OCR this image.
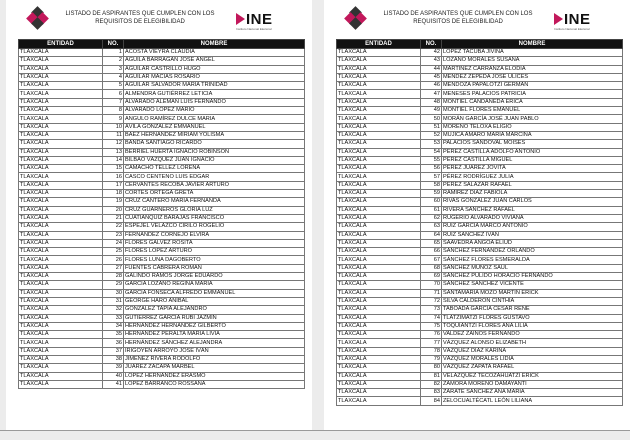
LISTADO DE ASPIRANTES QUE CUMPLEN CON LOS
REQUISITOS DE ELEGIBILIDAD	INE
Instituto Nacional Electoral
ENTIDAD	NO.	NOMBRE
TLAXCALA	1	ACOSTA VIEYRA CLAUDIA
TLAXCALA	2	AGUILA BARRAGÁN JOSÉ ÁNGEL
TLAXCALA	3	AGUILAR CASTRILLO HUGO
TLAXCALA	4	AGUILAR MACIAS ROSARIO
TLAXCALA	5	AGUILAR SALVADOR MARIA TRINIDAD
TLAXCALA	6	ALMENDRA GUTIÉRREZ LETICIA
TLAXCALA	7	ALVARADO ALEMÁN LUIS FERNANDO
TLAXCALA	8	ALVARADO LÓPEZ MARIO
TLAXCALA	9	ANGULO RAMÍREZ DULCE MARIA
TLAXCALA	10	ÁVILA GONZÁLEZ EMMANUEL
TLAXCALA	11	BAEZ HERNÁNDEZ MIRIAM YOLISMA
TLAXCALA	12	BANDA SANTIAGO RICARDO
TLAXCALA	13	BERRIEL HUERTA IGNACIO ROBINSON
TLAXCALA	14	BILBAO VÁZQUEZ JUAN IGNACIO
TLAXCALA	15	CAMACHO TÉLLEZ LORENA
TLAXCALA	16	CASCO CENTENO LUIS EDGAR
TLAXCALA	17	CERVANTES RECOBA JAVIER ARTURO
TLAXCALA	18	CORTÉS ORTEGA GRETA
TLAXCALA	19	CRUZ CANTERO MARIA FERNANDA
TLAXCALA	20	CRUZ GUARNEROS GLORIA LUZ
TLAXCALA	21	CUATIANQUIZ BARAJAS FRANCISCO
TLAXCALA	22	ESPEJEL VELAZCO CIRILO ROGELIO
TLAXCALA	23	FERNÁNDEZ CORNEJO ELVIRA
TLAXCALA	24	FLORES GÁLVEZ ROSITA
TLAXCALA	25	FLORES LÓPEZ ARTURO
TLAXCALA	26	FLORES LUNA DAGOBERTO
TLAXCALA	27	FUENTES CABRERA ROMÁN
TLAXCALA	28	GALINDO RAMOS JORGE EDUARDO
TLAXCALA	29	GARCÍA LOZANO REGINA MARIA
TLAXCALA	30	GARCÍA FONSECA ALFREDO EMMANUEL
TLAXCALA	31	GEORGE HARO ANIBAL
TLAXCALA	32	GONZÁLEZ TAPIA ALEJANDRO
TLAXCALA	33	GUTIÉRREZ GARCÍA RUBÍ JAZMÍN
TLAXCALA	34	HERNÁNDEZ HERNÁNDEZ GILBERTO
TLAXCALA	35	HERNÁNDEZ PERALTA MARIA LIVIA
TLAXCALA	36	HERNÁNDEZ SÁNCHEZ ALEJANDRA
TLAXCALA	37	IRIGOYEN ARROYO JOSÉ IVÁN
TLAXCALA	38	JIMÉNEZ RIVERA RODOLFO
TLAXCALA	39	JUÁREZ ZACAPA MARBEL
TLAXCALA	40	LÓPEZ HERNÁNDEZ ERASMO
TLAXCALA	41	LÓPEZ BARRANCO ROSSANA
LISTADO DE ASPIRANTES QUE CUMPLEN CON LOS
REQUISITOS DE ELEGIBILIDAD	INE
Instituto Nacional Electoral
ENTIDAD	NO.	NOMBRE
TLAXCALA	42	LÓPEZ TACUBA JIVINA
TLAXCALA	43	LOZANO MORALES SUSANA
TLAXCALA	44	MARTÍNEZ CARRANZA ELODIA
TLAXCALA	45	MENDEZ ZEPEDA JOSÉ ULICES
TLAXCALA	46	MENDOZA PAPALOTZI GERMAN
TLAXCALA	47	MENESES PALACIOS PATRICIA
TLAXCALA	48	MONTIEL CANDANEDA ERICA
TLAXCALA	49	MONTIEL FLORES EMANUEL
TLAXCALA	50	MORÁN GARCÍA JOSÉ JUAN PABLO
TLAXCALA	51	MORENO TELOXA ELIGIO
TLAXCALA	52	MUJICA AMARO MARÍA MARCINA
TLAXCALA	53	PALACIOS SANDOVAL MOISÉS
TLAXCALA	54	PÉREZ CASTILLA ADOLFO ANTONIO
TLAXCALA	55	PÉREZ CASTILLA MIGUEL
TLAXCALA	56	PÉREZ JUÁREZ JOVITA
TLAXCALA	57	PÉREZ RODRÍGUEZ JULIA
TLAXCALA	58	PÉREZ SALAZAR RAFAEL
TLAXCALA	59	RAMÍREZ DÍAZ FABIOLA
TLAXCALA	60	RIVAS GONZÁLEZ JUAN CARLOS
TLAXCALA	61	RIVERA SÁNCHEZ RAFAEL
TLAXCALA	62	RUGERIO ALVARADO VIVIANA
TLAXCALA	63	RUIZ GARCÍA MARCO ANTONIO
TLAXCALA	64	RUIZ SÁNCHEZ IVÁN
TLAXCALA	65	SAAVEDRA ANGOA ELIUD
TLAXCALA	66	SÁNCHEZ FERNÁNDEZ ORLANDO
TLAXCALA	67	SÁNCHEZ FLORES ESMERALDA
TLAXCALA	68	SÁNCHEZ MUÑOZ SAÚL
TLAXCALA	69	SÁNCHEZ PULIDO HORACIO FERNANDO
TLAXCALA	70	SÁNCHEZ SÁNCHEZ VICENTE
TLAXCALA	71	SANTAMARÍA MOZO MARTÍN ERICK
TLAXCALA	72	SILVA CALDERÓN CINTHIA
TLAXCALA	73	TABOADA GARCÍA CÉSAR RENÉ
TLAXCALA	74	TLATZIMATZI FLORES GUSTAVO
TLAXCALA	75	TOQUIANTZI FLORES ANA LILIA
TLAXCALA	76	VALDEZ ZAINOS FERNANDO
TLAXCALA	77	VÁZQUEZ ALONSO ELIZABETH
TLAXCALA	78	VÁZQUEZ DÍAZ KARINA
TLAXCALA	79	VÁZQUEZ MORALES LIDIA
TLAXCALA	80	VÁZQUEZ ZAPATA RAFAEL
TLAXCALA	81	VELÁZQUEZ TECOZAHUATZI ERICK
TLAXCALA	82	ZAMORA MORENO DAMAYANTI
TLAXCALA	83	ZARATE SÁNCHEZ ANA MARÍA
TLAXCALA	84	ZELOCUALTÉCATL LEÓN LILIANA
